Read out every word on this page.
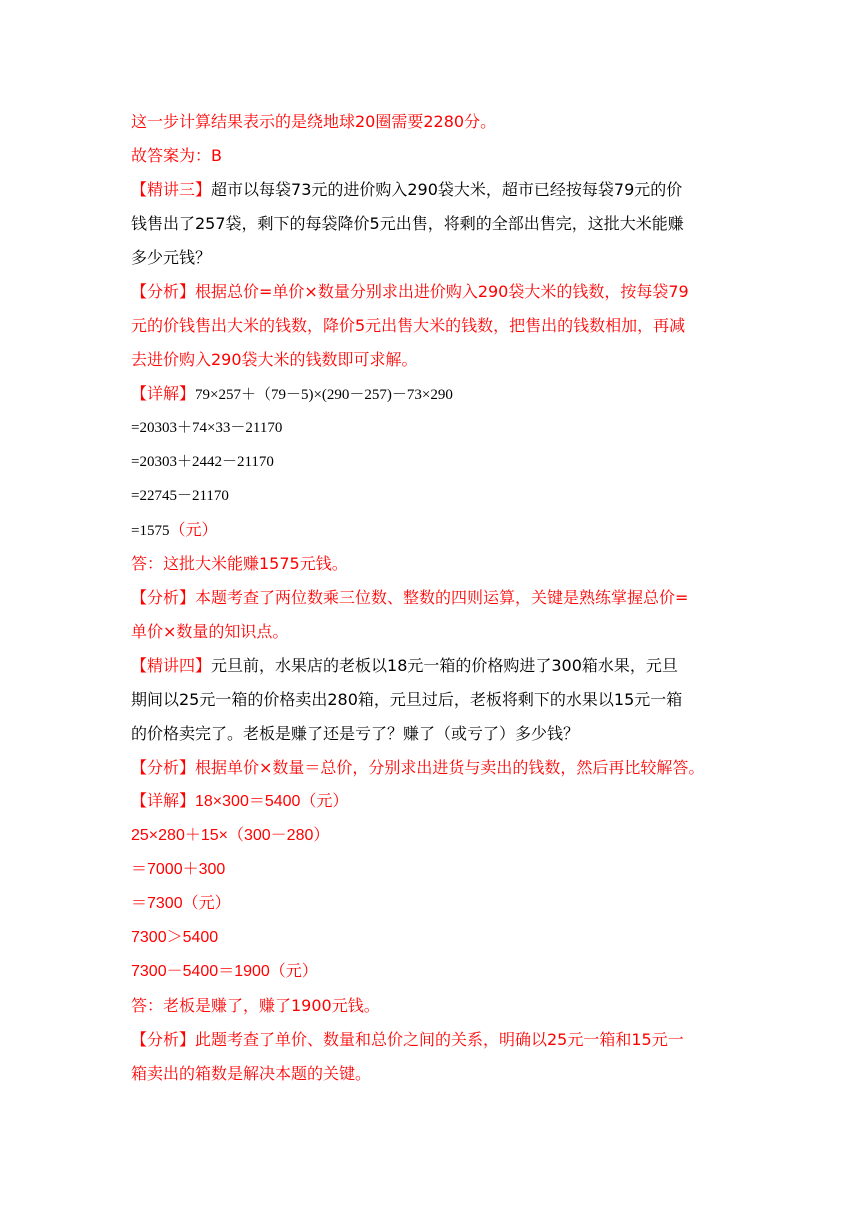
这一步计算结果表示的是绕地球20圈需要2280分。
故答案为：B
【精讲三】超市以每袋73元的进价购入290袋大米，超市已经按每袋79元的价
钱售出了257袋，剩下的每袋降价5元出售，将剩的全部出售完，这批大米能赚
多少元钱？
【分析】根据总价=单价×数量分别求出进价购入290袋大米的钱数，按每袋79
元的价钱售出大米的钱数，降价5元出售大米的钱数，把售出的钱数相加，再减
去进价购入290袋大米的钱数即可求解。
【详解】79×257＋（79－5)×(290－257)－73×290
=20303＋74×33－21170
=20303＋2442－21170
=22745－21170
=1575（元）
答：这批大米能赚1575元钱。
【分析】本题考查了两位数乘三位数、整数的四则运算，关键是熟练掌握总价=
单价×数量的知识点。
【精讲四】元旦前，水果店的老板以18元一箱的价格购进了300箱水果，元旦
期间以25元一箱的价格卖出280箱，元旦过后，老板将剩下的水果以15元一箱
的价格卖完了。老板是赚了还是亏了？赚了（或亏了）多少钱？
【分析】根据单价×数量＝总价，分别求出进货与卖出的钱数，然后再比较解答。
【详解】18×300＝5400（元）
25×280＋15×（300－280）
＝7000＋300
＝7300（元）
7300＞5400
7300－5400＝1900（元）
答：老板是赚了，赚了1900元钱。
【分析】此题考查了单价、数量和总价之间的关系，明确以25元一箱和15元一
箱卖出的箱数是解决本题的关键。
